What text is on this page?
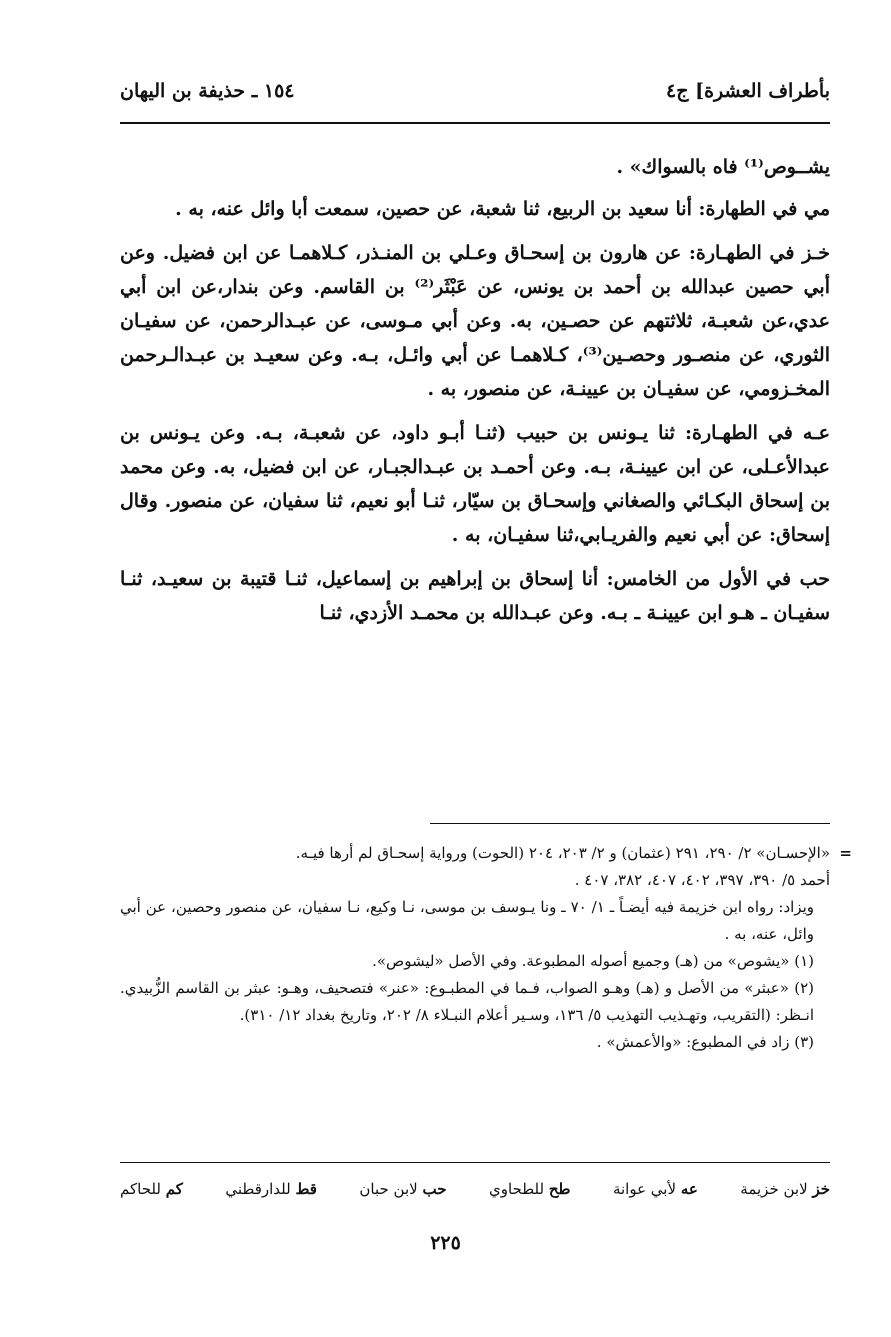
بأطراف العشرة] ج٤
١٥٤ ـ حذيفة بن اليهان

يشــوص⁽¹⁾ فاه بالسواك» .

مي في الطهارة: أنا سعيد بن الربيع، ثنا شعبة، عن حصين، سمعت أبا وائل عنه، به .

خـز في الطهـارة: عن هارون بن إسحـاق وعـلي بن المنـذر، كـلاهمـا عن ابن فضيل. وعن أبي حصين عبدالله بن أحمد بن يونس، عن عَبْثَر⁽²⁾ بن القاسم. وعن بندار،عن ابن أبي عدي،عن شعبـة، ثلاثتهم عن حصـين، به. وعن أبي مـوسى، عن عبـدالرحمن، عن سفيـان الثوري، عن منصـور وحصـين⁽³⁾، كـلاهمـا عن أبي وائـل، بـه. وعن سعيـد بن عبـدالـرحمن المخـزومي، عن سفيـان بن عيينـة، عن منصور، به .

عـه في الطهـارة: ثنا يـونس بن حبيب (ثنـا أبـو داود، عن شعبـة، بـه. وعن يـونس بن عبدالأعـلى، عن ابن عيينـة، بـه. وعن أحمـد بن عبـدالجبـار، عن ابن فضيل، به. وعن محمد بن إسحاق البكـائي والصغاني وإسحـاق بن سيّار، ثنـا أبو نعيم، ثنا سفيان، عن منصور. وقال إسحاق: عن أبي نعيم والفريـابي،ثنا سفيـان، به .

حب في الأول من الخامس: أنا إسحاق بن إبراهيم بن إسماعيل، ثنـا قتيبة بن سعيـد، ثنـا سفيـان ـ هـو ابن عيينـة ـ بـه. وعن عبـدالله بن محمـد الأزدي، ثنـا

=
«الإحسـان» ٢/ ٢٩٠، ٢٩١ (عثمان) و ٢/ ٢٠٣، ٢٠٤ (الحوت) ورواية إسحـاق لم أرها فيـه.

أحمد ٥/ ٣٩٠، ٣٩٧، ٤٠٢، ٤٠٧، ٣٨٢، ٤٠٧ .

ويزاد: رواه ابن خزيمة فيه أيضـاً ـ ١/ ٧٠ ـ ونا يـوسف بن موسى، نـا وكيع، نـا سفيان، عن منصور وحصين، عن أبي وائل، عنه، به .

(١) «يشوص» من (هـ) وجميع أصوله المطبوعة. وفي الأصل «ليشوص».

(٢) «عبثر» من الأصل و (هـ) وهـو الصواب، فـما في المطبـوع: «عنر» فتصحيف، وهـو: عبثر بن القاسم الزُّبيدي. انـظر: (التقريب، وتهـذيب التهذيب ٥/ ١٣٦، وسـير أعلام النبـلاء ٨/ ٢٠٢، وتاريخ بغداد ١٢/ ٣١٠).

(٣) زاد في المطبوع: «والأعمش» .

خز لابن خزيمة
عه لأبي عوانة
طح للطحاوي
حب لابن حبان
قط للدارقطني
كم للحاكم
٢٢٥
